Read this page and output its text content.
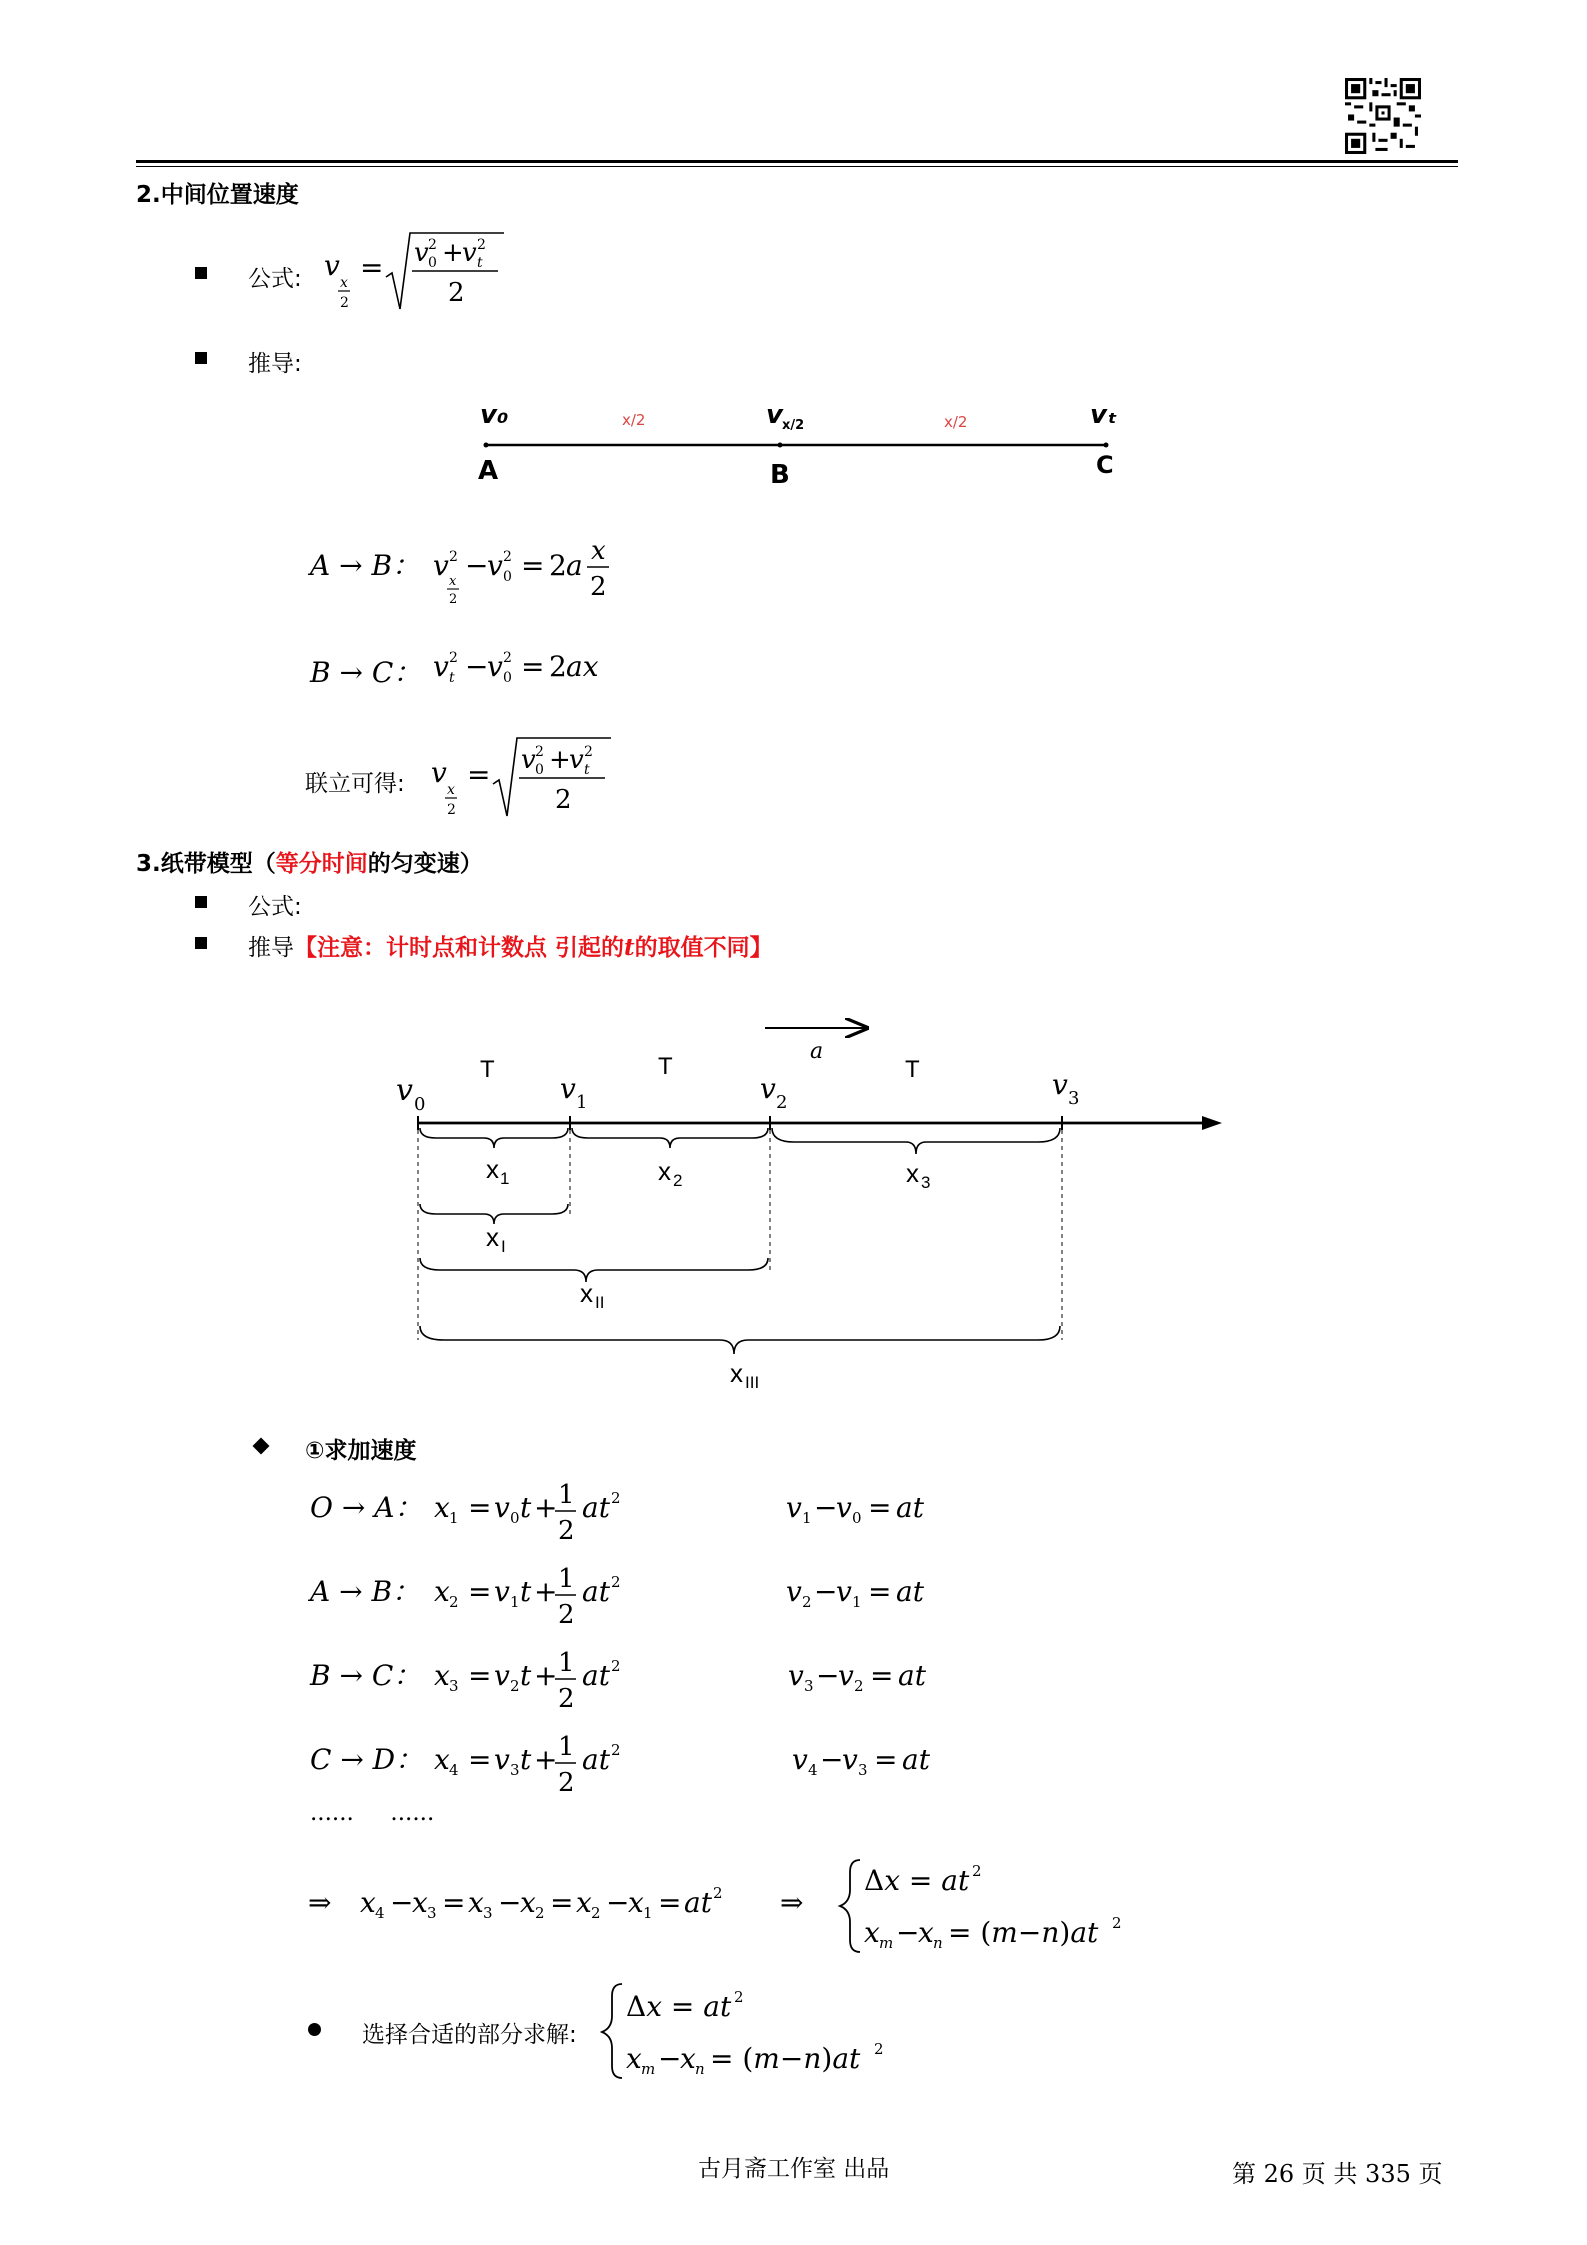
2.中间位置速度
公式: v
x
2
= v 2
0 +
v 2
t
2
推导:
v₀	v x/2	vₜ
x/2	x/2
A	B	C
A → B： v 2
x
2
−
v 2
0 = 2 a x
2
B → C： v 2
t −
v 2
0 = 2 ax
联立可得: v
x
2
= v 2
0 +
v 2
t
2
3.纸带模型（等分时间的匀变速）
公式:
推导【注意：计时点和计数点 引起的t的取值不同】
a
T	T	T
v 0	v 1	v 2
v 3
x 1	x 2	x 3
x I
x II
x III
①求加速度
O → A： x 1 = v 0 t + 1
2
at 2	v 1 −
v 0 = at
A → B： x 2 = v 1 t + 1
2
at 2	v 2 −
v 1 = at
B → C： x 3 = v 2 t + 1
2
at 2	v 3 −
v 2 = at
C → D： x 4 = v 3 t + 1
2
at 2	v 4 −
v 3 = at
......     ......
⇒ x 4 −
x 3 = x 3 −
x 2 = x 2 −
x 1 = at 2 ⇒
Δx = at 2
x m −
x n = (m−n)at 2
选择合适的部分求解:
Δx = at 2
x m −
x n = (m−n)at 2
古月斋工作室 出品	第 26 页 共 335 页
